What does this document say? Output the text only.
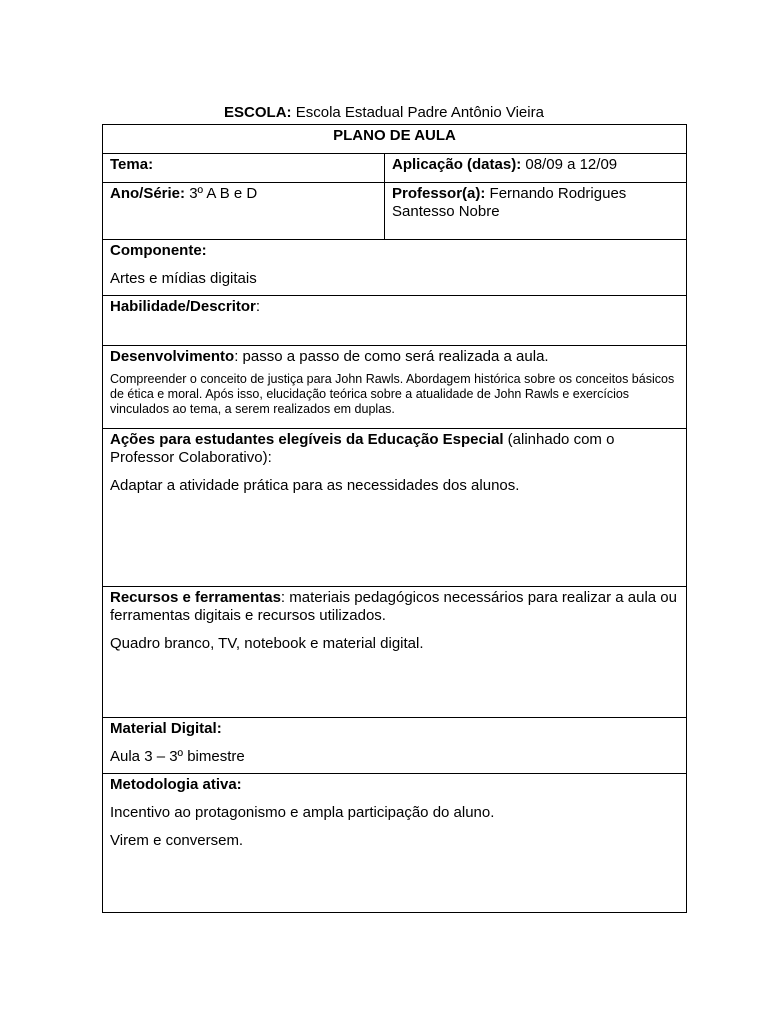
ESCOLA: Escola Estadual Padre Antônio Vieira
PLANO DE AULA
Tema:	Aplicação (datas): 08/09 a 12/09
Ano/Série: 3º A B e D	Professor(a): Fernando Rodrigues Santesso Nobre

Componente:

Artes e mídias digitais

Habilidade/Descritor:

Desenvolvimento: passo a passo de como será realizada a aula.

Compreender o conceito de justiça para John Rawls. Abordagem histórica sobre os conceitos básicos de ética e moral. Após isso, elucidação teórica sobre a atualidade de John Rawls e exercícios vinculados ao tema, a serem realizados em duplas.

Ações para estudantes elegíveis da Educação Especial (alinhado com o Professor Colaborativo):

Adaptar a atividade prática para as necessidades dos alunos.

Recursos e ferramentas: materiais pedagógicos necessários para realizar a aula ou ferramentas digitais e recursos utilizados.

Quadro branco, TV, notebook e material digital.

Material Digital:

Aula 3 – 3º bimestre

Metodologia ativa:

Incentivo ao protagonismo e ampla participação do aluno.

Virem e conversem.
